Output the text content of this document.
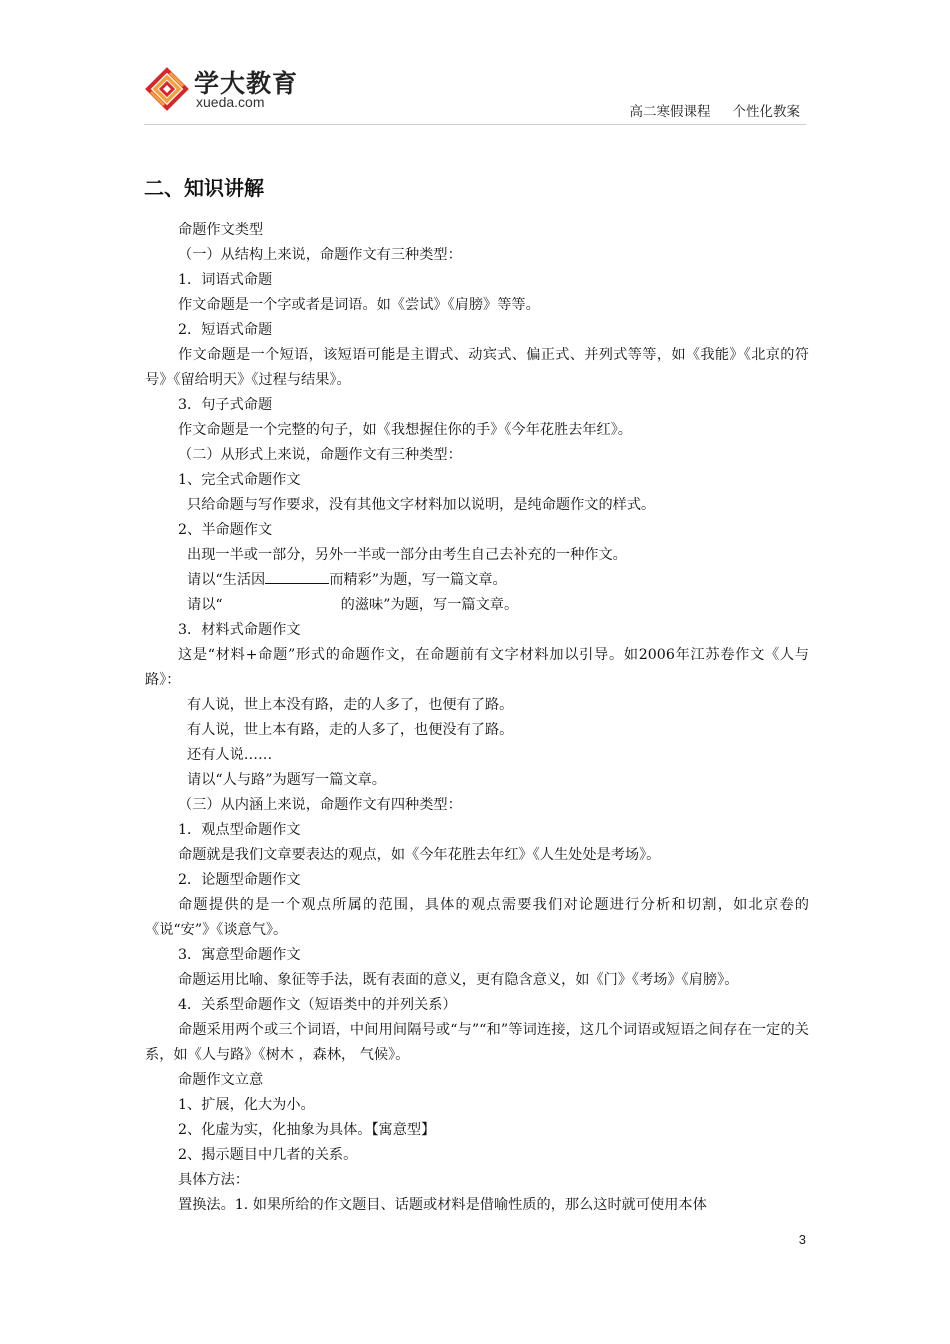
学大教育
xueda.com
高二寒假课程 个性化教案
二、知识讲解

命题作文类型

（一）从结构上来说，命题作文有三种类型：

1．词语式命题

作文命题是一个字或者是词语。如《尝试》《肩膀》等等。

2．短语式命题

作文命题是一个短语，该短语可能是主谓式、动宾式、偏正式、并列式等等，如《我能》《北京的符号》《留给明天》《过程与结果》。

3．句子式命题

作文命题是一个完整的句子，如《我想握住你的手》《今年花胜去年红》。

（二）从形式上来说，命题作文有三种类型：

1、完全式命题作文

只给命题与写作要求，没有其他文字材料加以说明，是纯命题作文的样式。

2、半命题作文

出现一半或一部分，另外一半或一部分由考生自己去补充的一种作文。

请以“生活因	而精彩”为题，写一篇文章。

请以“	的滋味”为题，写一篇文章。

3．材料式命题作文

这是“材料+命题”形式的命题作文，在命题前有文字材料加以引导。如2006年江苏卷作文《人与路》：

有人说，世上本没有路，走的人多了，也便有了路。

有人说，世上本有路，走的人多了，也便没有了路。

还有人说……

请以“人与路”为题写一篇文章。

（三）从内涵上来说，命题作文有四种类型：

1．观点型命题作文

命题就是我们文章要表达的观点，如《今年花胜去年红》《人生处处是考场》。

2．论题型命题作文

命题提供的是一个观点所属的范围，具体的观点需要我们对论题进行分析和切割，如北京卷的《说“安”》《谈意气》。

3．寓意型命题作文

命题运用比喻、象征等手法，既有表面的意义，更有隐含意义，如《门》《考场》《肩膀》。

4．关系型命题作文（短语类中的并列关系）

命题采用两个或三个词语，中间用间隔号或“与”“和”等词连接，这几个词语或短语之间存在一定的关系，如《人与路》《树木 ，森林， 气候》。

命题作文立意

1、扩展，化大为小。

2、化虚为实，化抽象为具体。【寓意型】

2、揭示题目中几者的关系。

具体方法：

置换法。1. 如果所给的作文题目、话题或材料是借喻性质的，那么这时就可使用本体

3
